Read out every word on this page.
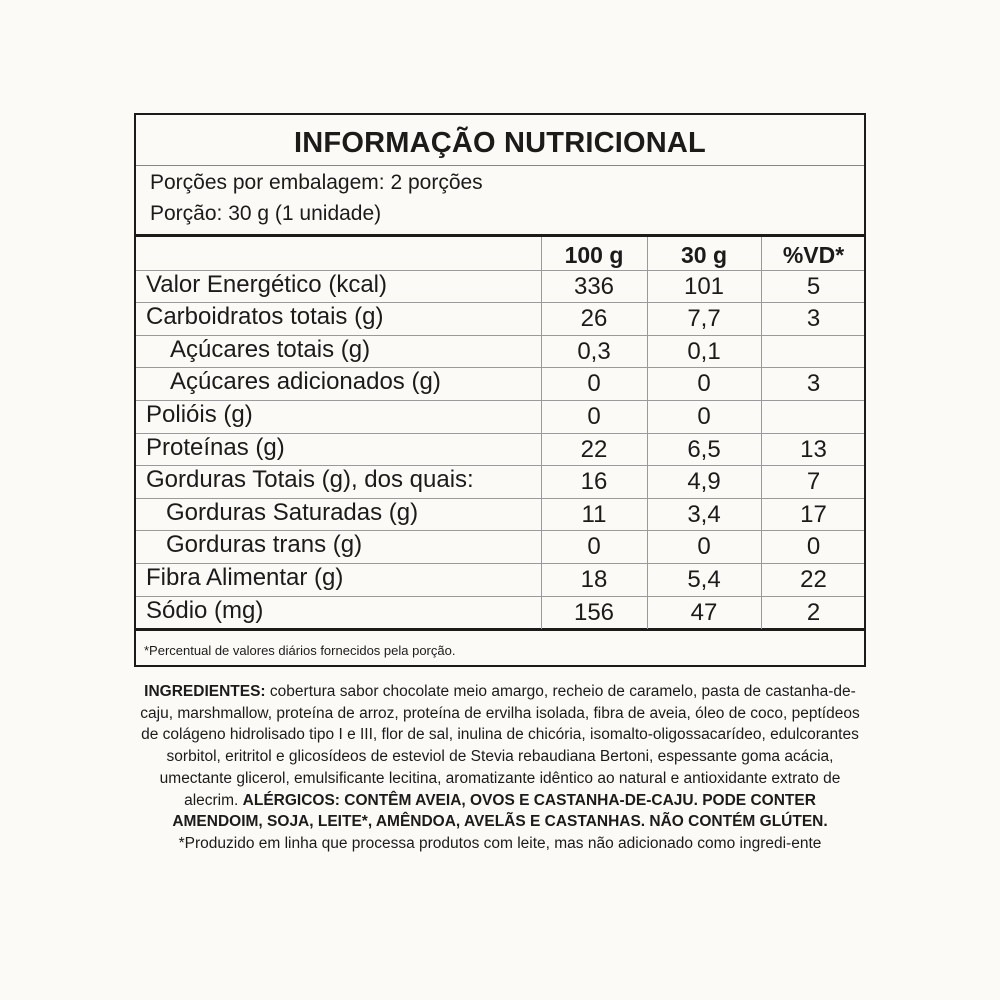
INFORMAÇÃO NUTRICIONAL
Porções por embalagem: 2 porções
Porção: 30 g (1 unidade)
*Percentual de valores diários fornecidos pela porção.
100 g	30 g	%VD*
Valor Energético (kcal)	336	101	5
Carboidratos totais (g)	26	7,7	3
Açúcares totais (g)	0,3	0,1
Açúcares adicionados (g)	0	0	3
Polióis (g)	0	0
Proteínas (g)	22	6,5	13
Gorduras Totais (g), dos quais:	16	4,9	7
Gorduras Saturadas (g)	11	3,4	17
Gorduras trans (g)	0	0	0
Fibra Alimentar (g)	18	5,4	22
Sódio (mg)	156	47	2
INGREDIENTES: cobertura sabor chocolate meio amargo, recheio de caramelo, pasta de castanha-de-caju, marshmallow, proteína de arroz, proteína de ervilha isolada, fibra de aveia, óleo de coco, peptídeos de colágeno hidrolisado tipo I e III, flor de sal, inulina de chicória, isomalto-oligossacarídeo, edulcorantes sorbitol, eritritol e glicosídeos de esteviol de Stevia rebaudiana Bertoni, espessante goma acácia, umectante glicerol, emulsificante lecitina, aromatizante idêntico ao natural e antioxidante extrato de alecrim. ALÉRGICOS: CONTÊM AVEIA, OVOS E CASTANHA-DE-CAJU. PODE CONTER AMENDOIM, SOJA, LEITE*, AMÊNDOA, AVELÃS E CASTANHAS. NÃO CONTÉM GLÚTEN.
*Produzido em linha que processa produtos com leite, mas não adicionado como ingredi-ente
